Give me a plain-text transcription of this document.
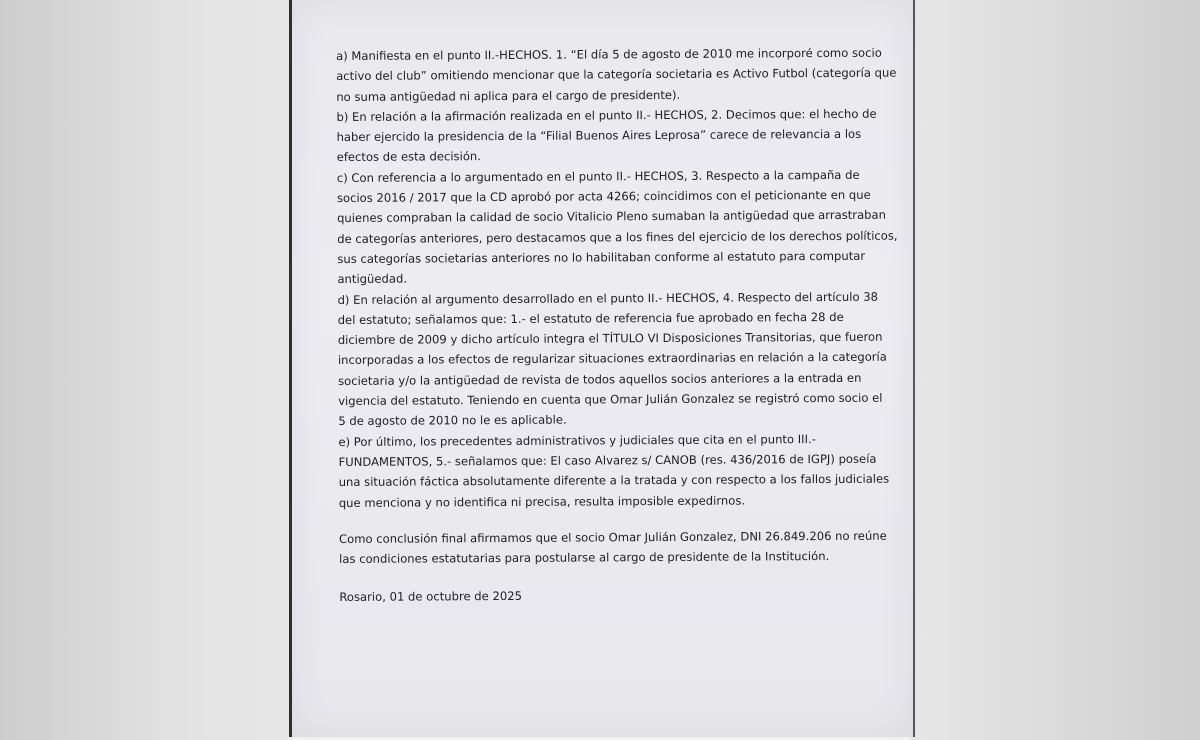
a) Manifiesta en el punto II.-HECHOS. 1. “El día 5 de agosto de 2010 me incorporé como socio
activo del club” omitiendo mencionar que la categoría societaria es Activo Futbol (categoría que
no suma antigüedad ni aplica para el cargo de presidente).
b) En relación a la afirmación realizada en el punto II.- HECHOS, 2. Decimos que: el hecho de
haber ejercido la presidencia de la “Filial Buenos Aires Leprosa” carece de relevancia a los
efectos de esta decisión.
c) Con referencia a lo argumentado en el punto II.- HECHOS, 3. Respecto a la campaña de
socios 2016 / 2017 que la CD aprobó por acta 4266; coincidimos con el peticionante en que
quienes compraban la calidad de socio Vitalicio Pleno sumaban la antigüedad que arrastraban
de categorías anteriores, pero destacamos que a los fines del ejercicio de los derechos políticos,
sus categorías societarias anteriores no lo habilitaban conforme al estatuto para computar
antigüedad.
d) En relación al argumento desarrollado en el punto II.- HECHOS, 4. Respecto del artículo 38
del estatuto; señalamos que: 1.- el estatuto de referencia fue aprobado en fecha 28 de
diciembre de 2009 y dicho artículo integra el TÍTULO VI Disposiciones Transitorias, que fueron
incorporadas a los efectos de regularizar situaciones extraordinarias en relación a la categoría
societaria y/o la antigüedad de revista de todos aquellos socios anteriores a la entrada en
vigencia del estatuto. Teniendo en cuenta que Omar Julián Gonzalez se registró como socio el
5 de agosto de 2010 no le es aplicable.
e) Por último, los precedentes administrativos y judiciales que cita en el punto III.-
FUNDAMENTOS, 5.- señalamos que: El caso Alvarez s/ CANOB (res. 436/2016 de IGPJ) poseía
una situación fáctica absolutamente diferente a la tratada y con respecto a los fallos judiciales
que menciona y no identifica ni precisa, resulta imposible expedirnos.
Como conclusión final afirmamos que el socio Omar Julián Gonzalez, DNI 26.849.206 no reúne
las condiciones estatutarias para postularse al cargo de presidente de la Institución.
Rosario, 01 de octubre de 2025
